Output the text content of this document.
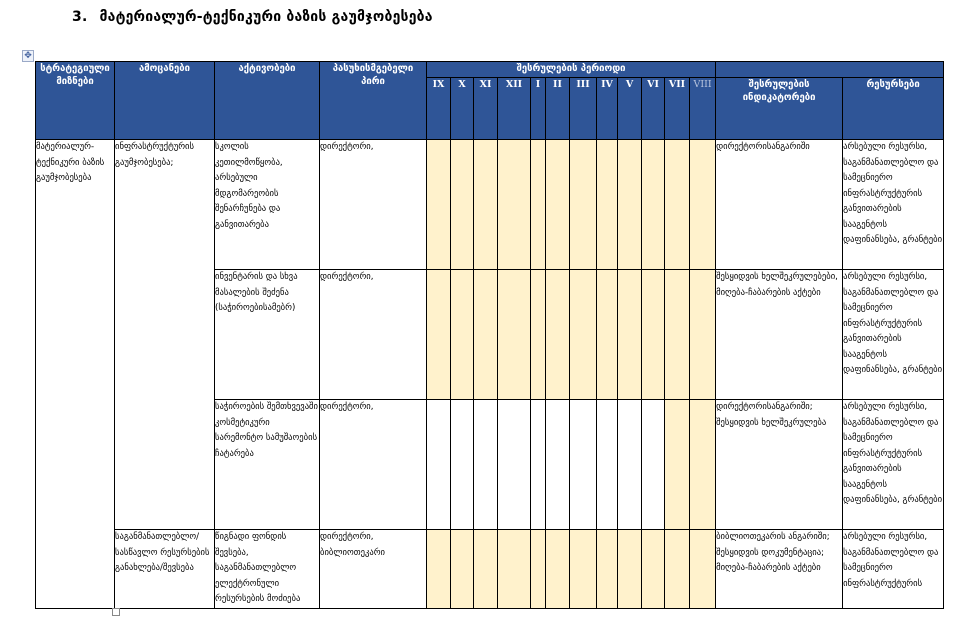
3. მატერიალურ-ტექნიკური ბაზის გაუმჯობესება
✥
სტრატეგიული მიზნები	ამოცანები	აქტივობები	პასუხისმგებელი პირი	შესრულების პერიოდი													
				IX	X	XI	XII	I	II	III	IV	V	VI	VII	VIII	შესრულების ინდიკატორები	რესურსები
მატერიალურ-ტექნიკური ბაზის გაუმჯობესება	ინფრასტრუქტურის გაუმჯობესება;	სკოლის კეთილმოწყობა, არსებული მდგომარეობის შენარჩუნება და განვითარება	დირექტორი,													დირექტორისანგარიში	არსებული რესურსი, საგანმანათლებლო და სამეცნიერო ინფრასტრუქტურის განვითარების სააგენტოს დაფინანსება, გრანტები
		ინვენტარის და სხვა მასალების შეძენა (საჭიროებისამებრ)	დირექტორი,													შესყიდვის ხელშეკრულებები, მიღება-ჩაბარების აქტები	არსებული რესურსი, საგანმანათლებლო და სამეცნიერო ინფრასტრუქტურის განვითარების სააგენტოს დაფინანსება, გრანტები
		საჭიროების შემთხვევაში კოსმეტიკური სარემონტო სამუშაოების ჩატარება	დირექტორი,													დირექტორისანგარიში; შესყიდვის ხელშეკრულება	არსებული რესურსი, საგანმანათლებლო და სამეცნიერო ინფრასტრუქტურის განვითარების სააგენტოს დაფინანსება, გრანტები
	საგანმანათლებლო/ სასწავლო რესურსების განახლება/შევსება	წიგნადი ფონდის შევსება, საგანმანათლებლო ელექტრონული რესურსების მოძიება	დირექტორი, ბიბლიოთეკარი													ბიბლიოთეკარის ანგარიში; შესყიდვის დოკუმენტაცია; მიღება-ჩაბარების აქტები	არსებული რესურსი, საგანმანათლებლო და სამეცნიერო ინფრასტრუქტურის
